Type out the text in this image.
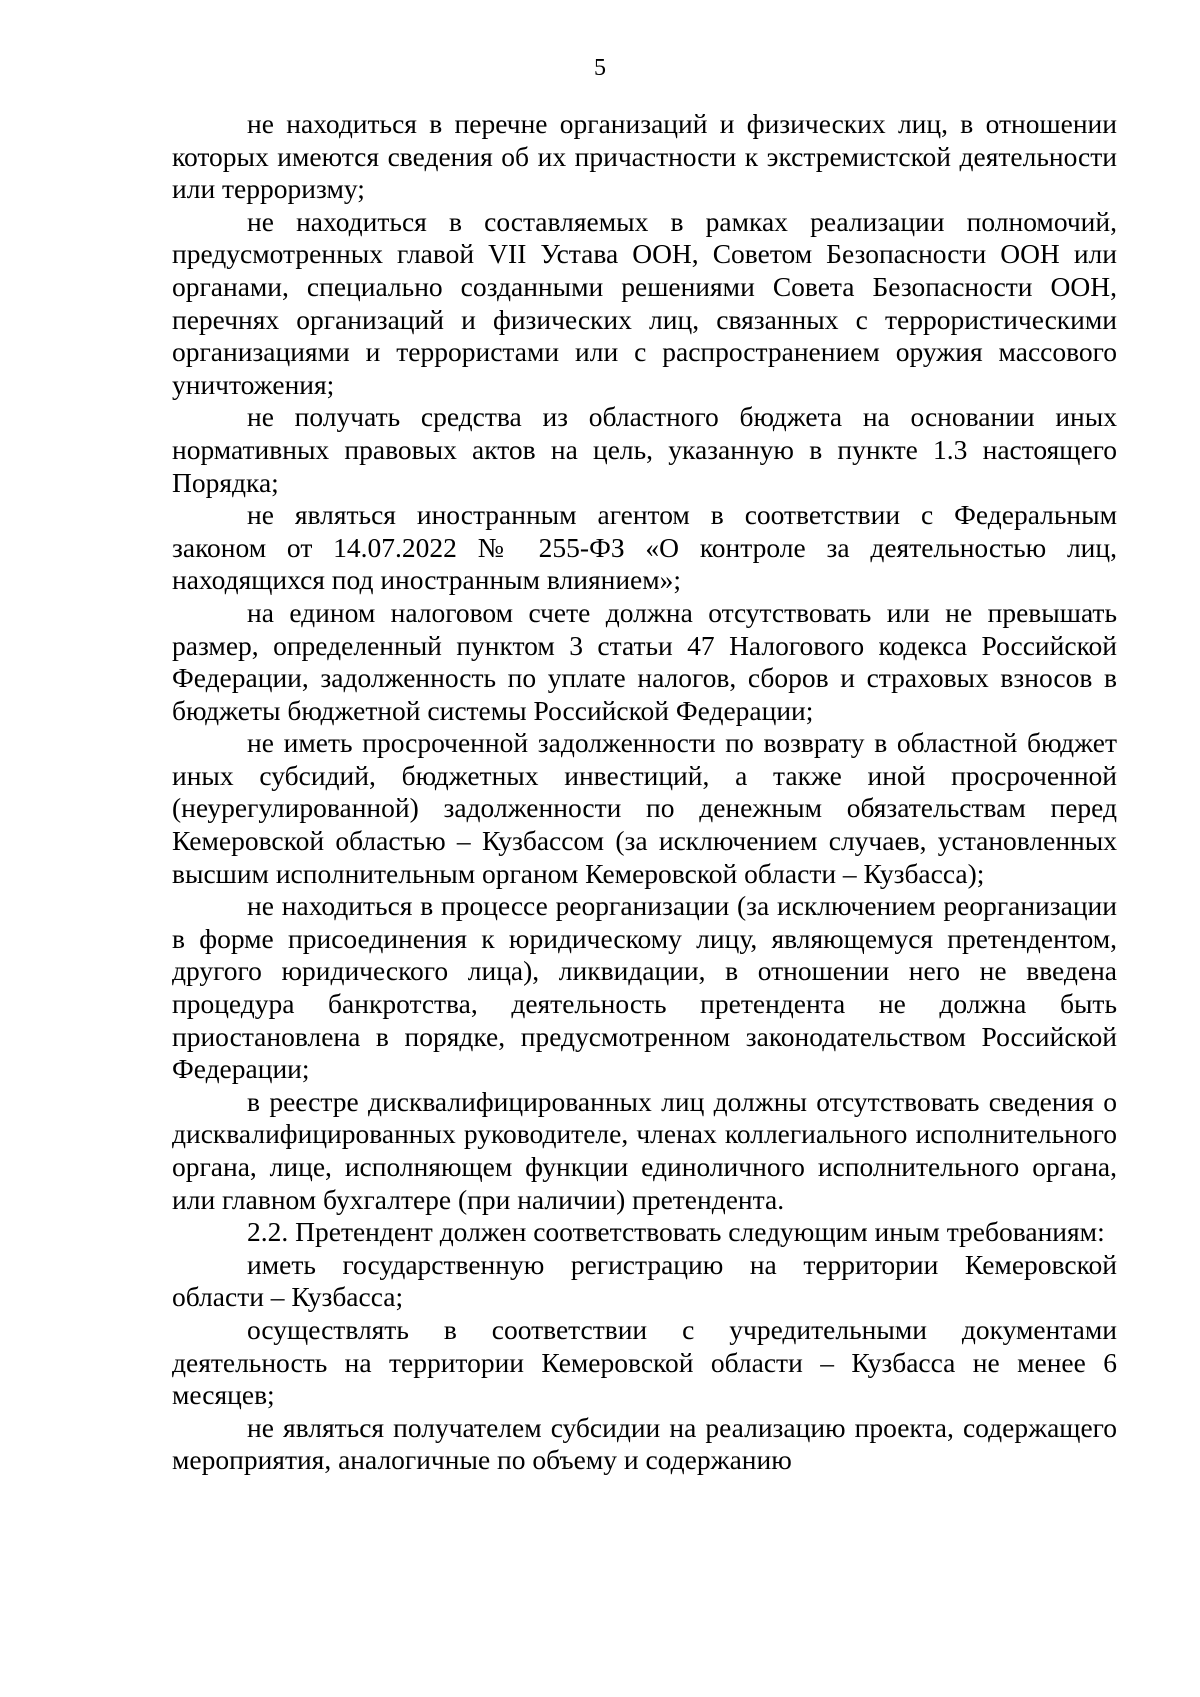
5

не находиться в перечне организаций и физических лиц, в отношении которых имеются сведения об их причастности к экстремистской деятельности или терроризму;

не находиться в составляемых в рамках реализации полномочий, предусмотренных главой VII Устава ООН, Советом Безопасности ООН или органами, специально созданными решениями Совета Безопасности ООН, перечнях организаций и физических лиц, связанных с террористическими организациями и террористами или с распространением оружия массового уничтожения;

не получать средства из областного бюджета на основании иных нормативных правовых актов на цель, указанную в пункте 1.3 настоящего Порядка;

не являться иностранным агентом в соответствии с Федеральным законом от 14.07.2022 № 255-ФЗ «О контроле за деятельностью лиц, находящихся под иностранным влиянием»;

на едином налоговом счете должна отсутствовать или не превышать размер, определенный пунктом 3 статьи 47 Налогового кодекса Российской Федерации, задолженность по уплате налогов, сборов и страховых взносов в бюджеты бюджетной системы Российской Федерации;

не иметь просроченной задолженности по возврату в областной бюджет иных субсидий, бюджетных инвестиций, а также иной просроченной (неурегулированной) задолженности по денежным обязательствам перед Кемеровской областью – Кузбассом (за исключением случаев, установленных высшим исполнительным органом Кемеровской области – Кузбасса);

не находиться в процессе реорганизации (за исключением реорганизации в форме присоединения к юридическому лицу, являющемуся претендентом, другого юридического лица), ликвидации, в отношении него не введена процедура банкротства, деятельность претендента не должна быть приостановлена в порядке, предусмотренном законодательством Российской Федерации;

в реестре дисквалифицированных лиц должны отсутствовать сведения о дисквалифицированных руководителе, членах коллегиального исполнительного органа, лице, исполняющем функции единоличного исполнительного органа, или главном бухгалтере (при наличии) претендента.

2.2. Претендент должен соответствовать следующим иным требованиям:

иметь государственную регистрацию на территории Кемеровской области – Кузбасса;

осуществлять в соответствии с учредительными документами деятельность на территории Кемеровской области – Кузбасса не менее 6 месяцев;

не являться получателем субсидии на реализацию проекта, содержащего мероприятия, аналогичные по объему и содержанию
